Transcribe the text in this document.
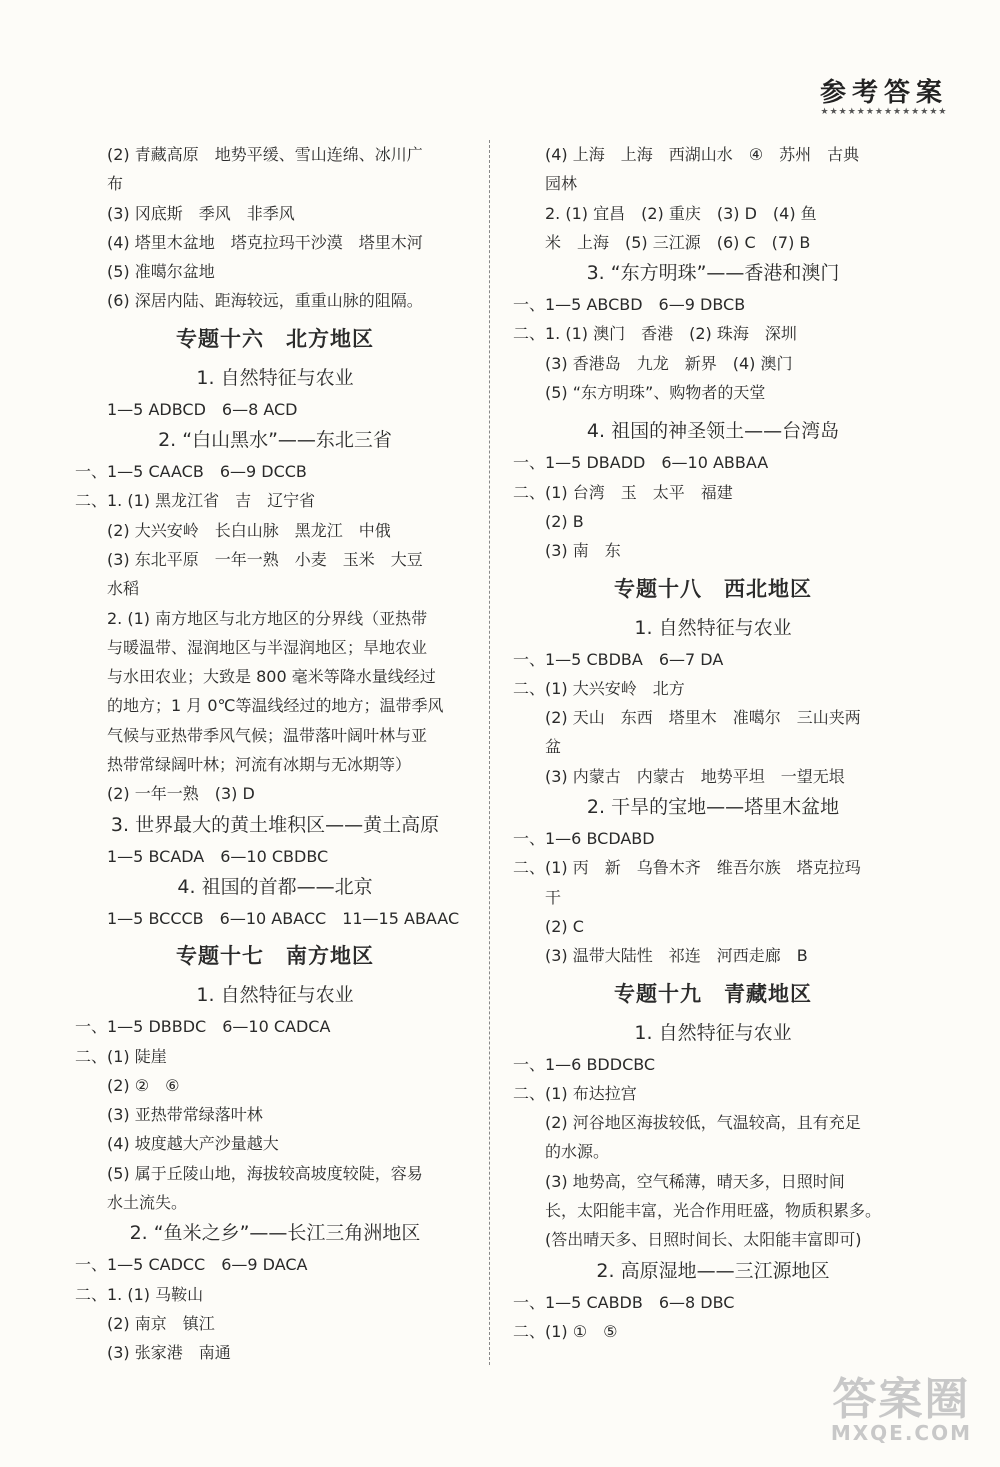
参考答案
★★★★★★★★★★★★★★
(2) 青藏高原　地势平缓、雪山连绵、冰川广
布
(3) 冈底斯　季风　非季风
(4) 塔里木盆地　塔克拉玛干沙漠　塔里木河
(5) 准噶尔盆地
(6) 深居内陆、距海较远，重重山脉的阻隔。
专题十六　北方地区
1. 自然特征与农业
1—5 ADBCD　6—8 ACD
2. “白山黑水”——东北三省
一、1—5 CAACB　6—9 DCCB
二、1. (1) 黑龙江省　吉　辽宁省
(2) 大兴安岭　长白山脉　黑龙江　中俄
(3) 东北平原　一年一熟　小麦　玉米　大豆
水稻
2. (1) 南方地区与北方地区的分界线（亚热带
与暖温带、湿润地区与半湿润地区；旱地农业
与水田农业；大致是 800 毫米等降水量线经过
的地方；1 月 0℃等温线经过的地方；温带季风
气候与亚热带季风气候；温带落叶阔叶林与亚
热带常绿阔叶林；河流有冰期与无冰期等）
(2) 一年一熟　(3) D
3. 世界最大的黄土堆积区——黄土高原
1—5 BCADA　6—10 CBDBC
4. 祖国的首都——北京
1—5 BCCCB　6—10 ABACC　11—15 ABAAC
专题十七　南方地区
1. 自然特征与农业
一、1—5 DBBDC　6—10 CADCA
二、(1) 陡崖
(2) ②　⑥
(3) 亚热带常绿落叶林
(4) 坡度越大产沙量越大
(5) 属于丘陵山地，海拔较高坡度较陡，容易
水土流失。
2. “鱼米之乡”——长江三角洲地区
一、1—5 CADCC　6—9 DACA
二、1. (1) 马鞍山
(2) 南京　镇江
(3) 张家港　南通
(4) 上海　上海　西湖山水　④　苏州　古典
园林
2. (1) 宜昌　(2) 重庆　(3) D　(4) 鱼
米　上海　(5) 三江源　(6) C　(7) B
3. “东方明珠”——香港和澳门
一、1—5 ABCBD　6—9 DBCB
二、1. (1) 澳门　香港　(2) 珠海　深圳
(3) 香港岛　九龙　新界　(4) 澳门
(5) “东方明珠”、购物者的天堂
4. 祖国的神圣领土——台湾岛
一、1—5 DBADD　6—10 ABBAA
二、(1) 台湾　玉　太平　福建
(2) B
(3) 南　东
专题十八　西北地区
1. 自然特征与农业
一、1—5 CBDBA　6—7 DA
二、(1) 大兴安岭　北方
(2) 天山　东西　塔里木　准噶尔　三山夹两
盆
(3) 内蒙古　内蒙古　地势平坦　一望无垠
2. 干旱的宝地——塔里木盆地
一、1—6 BCDABD
二、(1) 丙　新　乌鲁木齐　维吾尔族　塔克拉玛
干
(2) C
(3) 温带大陆性　祁连　河西走廊　B
专题十九　青藏地区
1. 自然特征与农业
一、1—6 BDDCBC
二、(1) 布达拉宫
(2) 河谷地区海拔较低，气温较高，且有充足
的水源。
(3) 地势高，空气稀薄，晴天多，日照时间
长，太阳能丰富，光合作用旺盛，物质积累多。
(答出晴天多、日照时间长、太阳能丰富即可)
2. 高原湿地——三江源地区
一、1—5 CABDB　6—8 DBC
二、(1) ①　⑤
答案圈
MXQE.COM
